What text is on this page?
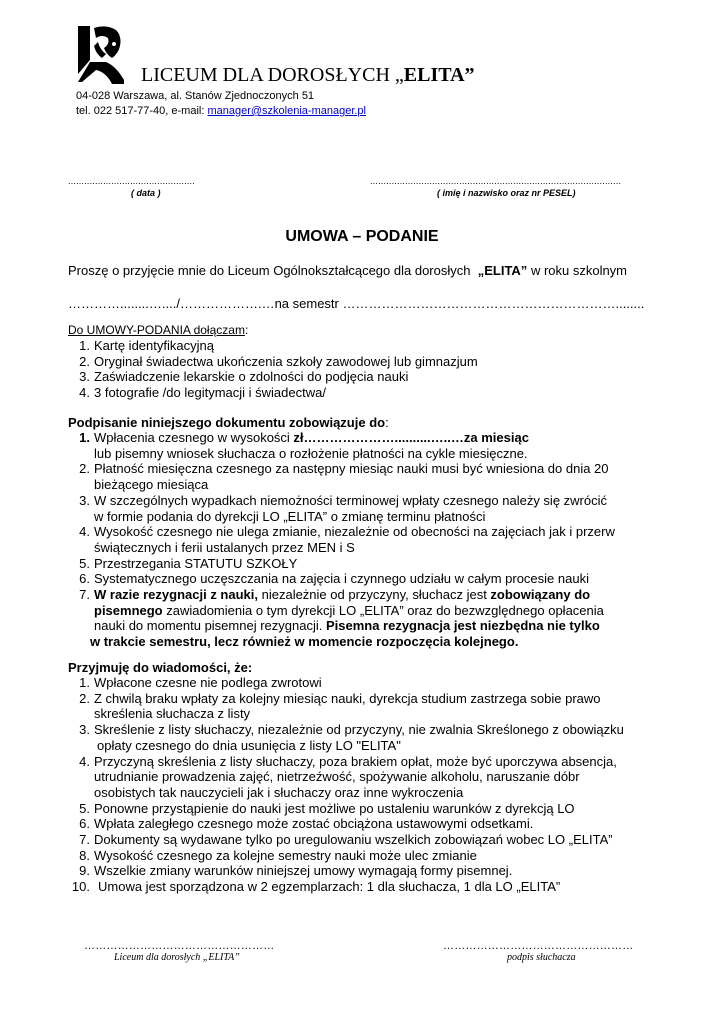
LICEUM DLA DOROSŁYCH „ELITA”
04-028 Warszawa, al. Stanów Zjednoczonych 51
tel. 022 517-77-40, e-mail: manager@szkolenia-manager.pl
...............................................
( data )
.............................................................................................
( imię i nazwisko oraz nr PESEL)
UMOWA – PODANIE
Proszę o przyjęcie mnie do Liceum Ogólnokształcącego dla dorosłych „ELITA” w roku szkolnym
…………........…..../……………….…na semestr ………………………………………………………........
Do UMOWY-PODANIA dołączam:
1. Kartę identyfikacyjną
2. Oryginał świadectwa ukończenia szkoły zawodowej lub gimnazjum
3. Zaświadczenie lekarskie o zdolności do podjęcia nauki
4. 3 fotografie /do legitymacji i świadectwa/
Podpisanie niniejszego dokumentu zobowiązuje do:
1. Wpłacenia czesnego w wysokości zł…………………..........…..…za miesiąc
lub pisemny wniosek słuchacza o rozłożenie płatności na cykle miesięczne.
2. Płatność miesięczna czesnego za następny miesiąc nauki musi być wniesiona do dnia 20
bieżącego miesiąca
3. W szczególnych wypadkach niemożności terminowej wpłaty czesnego należy się zwrócić
w formie podania do dyrekcji LO „ELITA” o zmianę terminu płatności
4. Wysokość czesnego nie ulega zmianie, niezależnie od obecności na zajęciach jak i przerw
świątecznych i ferii ustalanych przez MEN i S
5. Przestrzegania STATUTU SZKOŁY
6. Systematycznego uczęszczania na zajęcia i czynnego udziału w całym procesie nauki
7. W razie rezygnacji z nauki, niezależnie od przyczyny, słuchacz jest zobowiązany do
pisemnego zawiadomienia o tym dyrekcji LO „ELITA” oraz do bezwzględnego opłacenia
nauki do momentu pisemnej rezygnacji. Pisemna rezygnacja jest niezbędna nie tylko
w trakcie semestru, lecz również w momencie rozpoczęcia kolejnego.
Przyjmuję do wiadomości, że:
1. Wpłacone czesne nie podlega zwrotowi
2. Z chwilą braku wpłaty za kolejny miesiąc nauki, dyrekcja studium zastrzega sobie prawo
skreślenia słuchacza z listy
3. Skreślenie z listy słuchaczy, niezależnie od przyczyny, nie zwalnia Skreślonego z obowiązku
opłaty czesnego do dnia usunięcia z listy LO "ELITA"
4. Przyczyną skreślenia z listy słuchaczy, poza brakiem opłat, może być uporczywa absencja,
utrudnianie prowadzenia zajęć, nietrzeźwość, spożywanie alkoholu, naruszanie dóbr
osobistych tak nauczycieli jak i słuchaczy oraz inne wykroczenia
5. Ponowne przystąpienie do nauki jest możliwe po ustaleniu warunków z dyrekcją LO
6. Wpłata zaległego czesnego może zostać obciążona ustawowymi odsetkami.
7. Dokumenty są wydawane tylko po uregulowaniu wszelkich zobowiązań wobec LO „ELITA”
8. Wysokość czesnego za kolejne semestry nauki może ulec zmianie
9. Wszelkie zmiany warunków niniejszej umowy wymagają formy pisemnej.
10. Umowa jest sporządzona w 2 egzemplarzach: 1 dla słuchacza, 1 dla LO „ELITA”
……………………………………………
Liceum dla dorosłych „ELITA”
……………………………………………
podpis słuchacza
